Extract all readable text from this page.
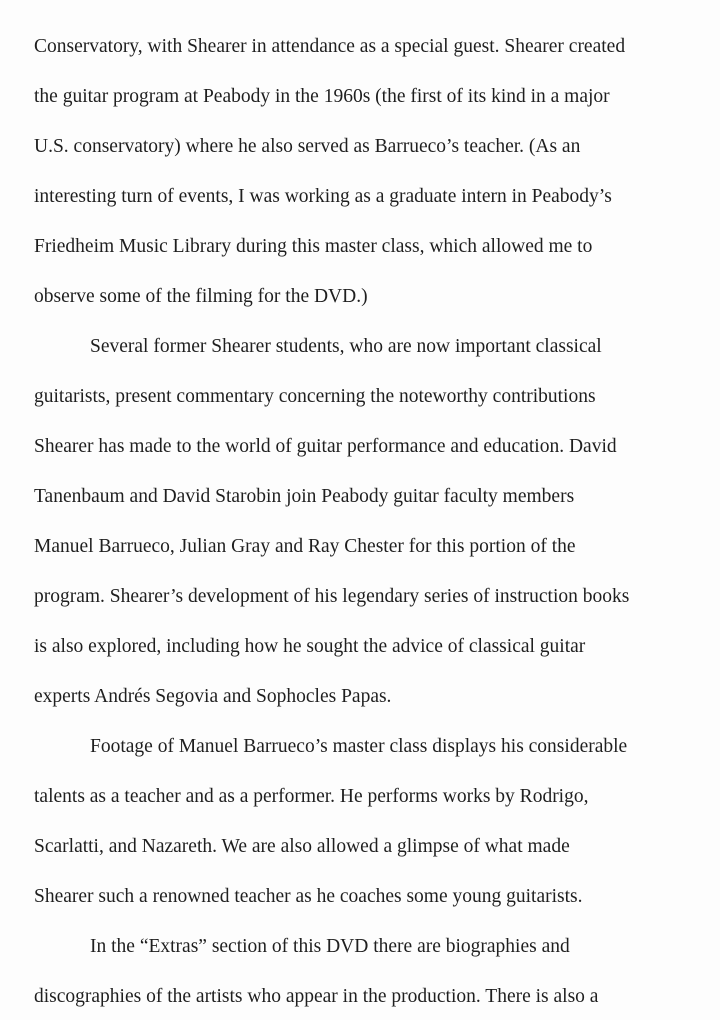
Conservatory, with Shearer in attendance as a special guest. Shearer created
the guitar program at Peabody in the 1960s (the first of its kind in a major
U.S. conservatory) where he also served as Barrueco’s teacher. (As an
interesting turn of events, I was working as a graduate intern in Peabody’s
Friedheim Music Library during this master class, which allowed me to
observe some of the filming for the DVD.)
Several former Shearer students, who are now important classical
guitarists, present commentary concerning the noteworthy contributions
Shearer has made to the world of guitar performance and education. David
Tanenbaum and David Starobin join Peabody guitar faculty members
Manuel Barrueco, Julian Gray and Ray Chester for this portion of the
program. Shearer’s development of his legendary series of instruction books
is also explored, including how he sought the advice of classical guitar
experts Andrés Segovia and Sophocles Papas.
Footage of Manuel Barrueco’s master class displays his considerable
talents as a teacher and as a performer. He performs works by Rodrigo,
Scarlatti, and Nazareth. We are also allowed a glimpse of what made
Shearer such a renowned teacher as he coaches some young guitarists.
In the “Extras” section of this DVD there are biographies and
discographies of the artists who appear in the production. There is also a
